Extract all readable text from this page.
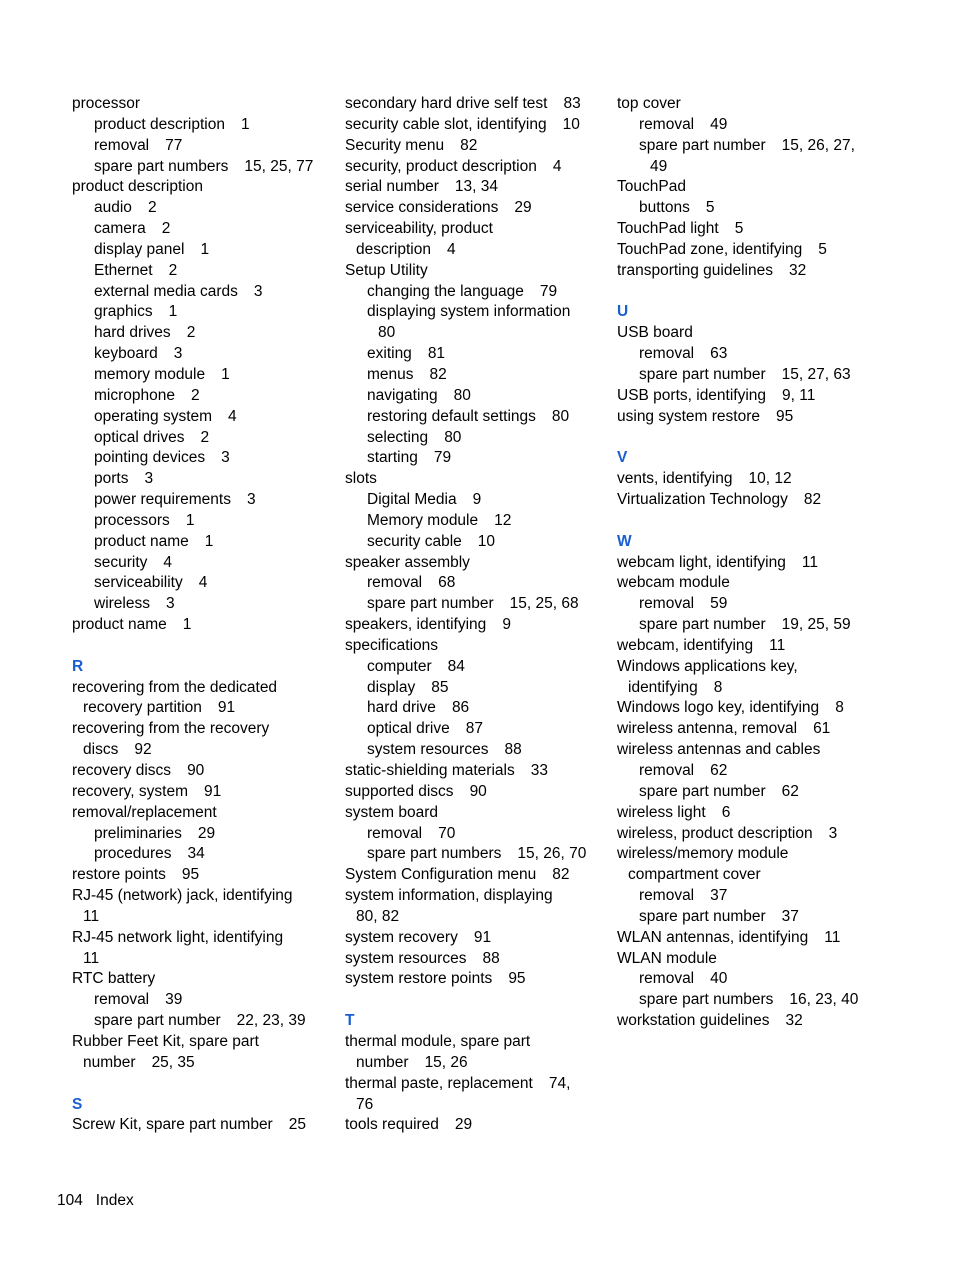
processor
product description 1
removal 77
spare part numbers 15, 25, 77
product description
audio 2
camera 2
display panel 1
Ethernet 2
external media cards 3
graphics 1
hard drives 2
keyboard 3
memory module 1
microphone 2
operating system 4
optical drives 2
pointing devices 3
ports 3
power requirements 3
processors 1
product name 1
security 4
serviceability 4
wireless 3
product name 1
R
recovering from the dedicated
recovery partition 91
recovering from the recovery
discs 92
recovery discs 90
recovery, system 91
removal/replacement
preliminaries 29
procedures 34
restore points 95
RJ-45 (network) jack, identifying
11
RJ-45 network light, identifying
11
RTC battery
removal 39
spare part number 22, 23, 39
Rubber Feet Kit, spare part
number 25, 35
S
Screw Kit, spare part number 25
secondary hard drive self test 83
security cable slot, identifying 10
Security menu 82
security, product description 4
serial number 13, 34
service considerations 29
serviceability, product
description 4
Setup Utility
changing the language 79
displaying system information
80
exiting 81
menus 82
navigating 80
restoring default settings 80
selecting 80
starting 79
slots
Digital Media 9
Memory module 12
security cable 10
speaker assembly
removal 68
spare part number 15, 25, 68
speakers, identifying 9
specifications
computer 84
display 85
hard drive 86
optical drive 87
system resources 88
static-shielding materials 33
supported discs 90
system board
removal 70
spare part numbers 15, 26, 70
System Configuration menu 82
system information, displaying
80, 82
system recovery 91
system resources 88
system restore points 95
T
thermal module, spare part
number 15, 26
thermal paste, replacement 74,
76
tools required 29
top cover
removal 49
spare part number 15, 26, 27,
49
TouchPad
buttons 5
TouchPad light 5
TouchPad zone, identifying 5
transporting guidelines 32
U
USB board
removal 63
spare part number 15, 27, 63
USB ports, identifying 9, 11
using system restore 95
V
vents, identifying 10, 12
Virtualization Technology 82
W
webcam light, identifying 11
webcam module
removal 59
spare part number 19, 25, 59
webcam, identifying 11
Windows applications key,
identifying 8
Windows logo key, identifying 8
wireless antenna, removal 61
wireless antennas and cables
removal 62
spare part number 62
wireless light 6
wireless, product description 3
wireless/memory module
compartment cover
removal 37
spare part number 37
WLAN antennas, identifying 11
WLAN module
removal 40
spare part numbers 16, 23, 40
workstation guidelines 32
104 Index
